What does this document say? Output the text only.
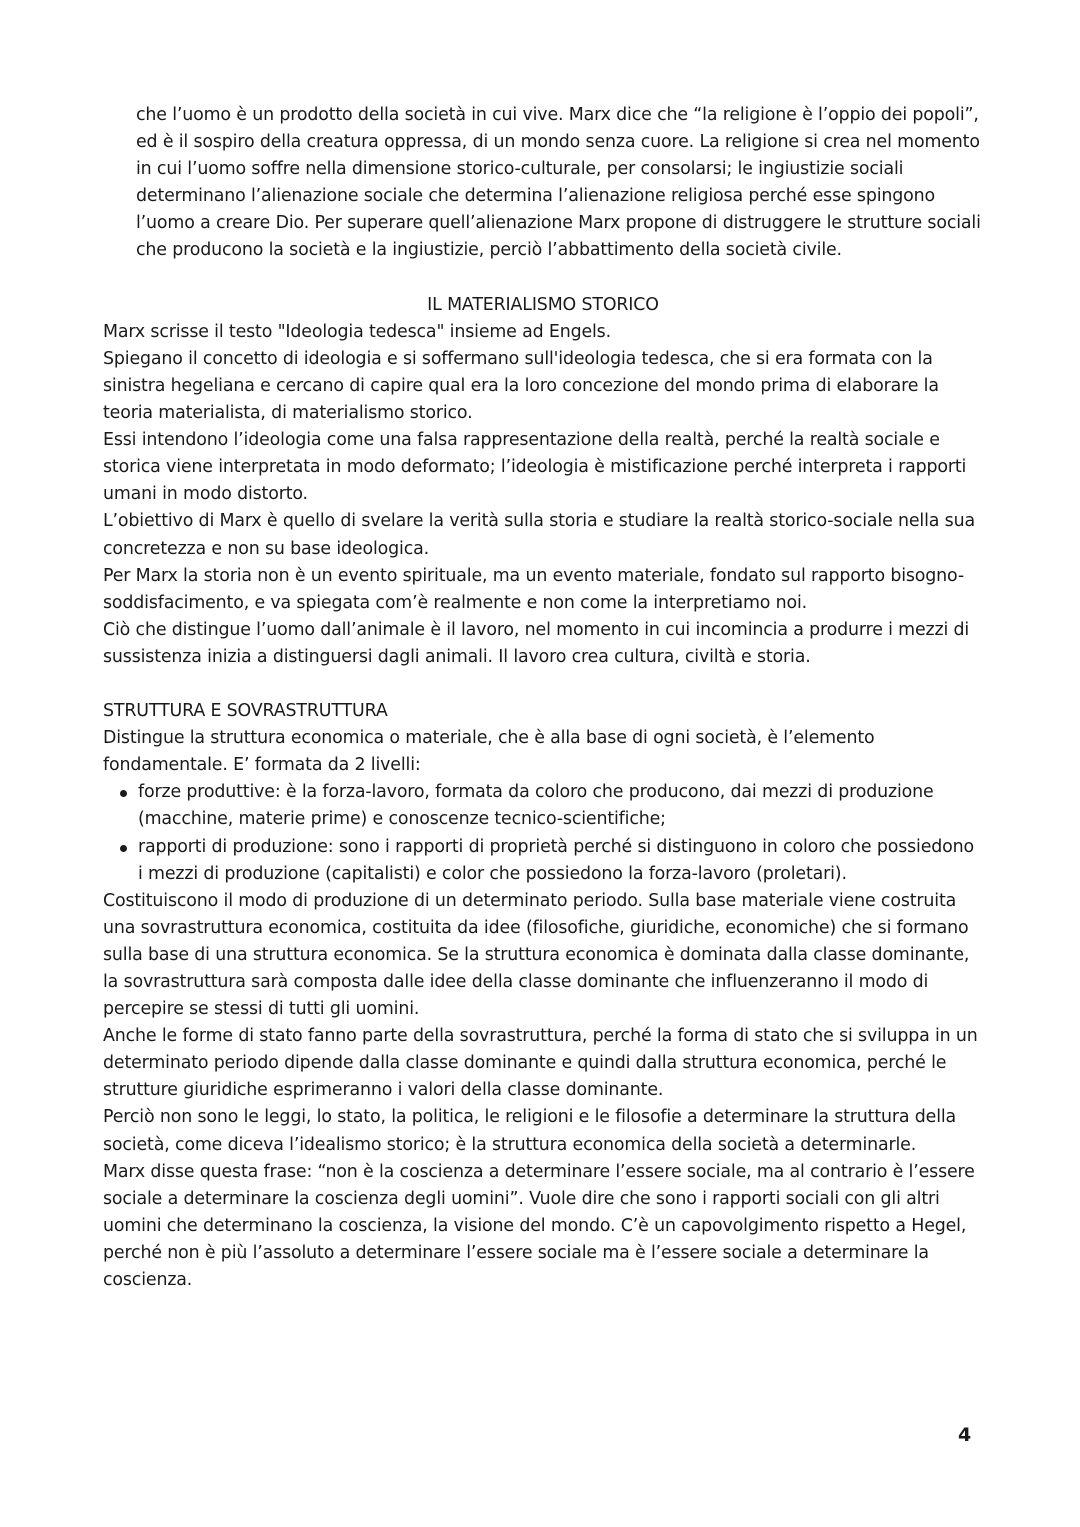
che l’uomo è un prodotto della società in cui vive. Marx dice che “la religione è l’oppio dei popoli”, ed è il sospiro della creatura oppressa, di un mondo senza cuore. La religione si crea nel momento in cui l’uomo soffre nella dimensione storico-culturale, per consolarsi; le ingiustizie sociali determinano l’alienazione sociale che determina l’alienazione religiosa perché esse spingono l’uomo a creare Dio. Per superare quell’alienazione Marx propone di distruggere le strutture sociali che producono la società e la ingiustizie, perciò l’abbattimento della società civile.

IL MATERIALISMO STORICO

Marx scrisse il testo "Ideologia tedesca" insieme ad Engels.

Spiegano il concetto di ideologia e si soffermano sull'ideologia tedesca, che si era formata con la sinistra hegeliana e cercano di capire qual era la loro concezione del mondo prima di elaborare la teoria materialista, di materialismo storico.

Essi intendono l’ideologia come una falsa rappresentazione della realtà, perché la realtà sociale e storica viene interpretata in modo deformato; l’ideologia è mistificazione perché interpreta i rapporti umani in modo distorto.

L’obiettivo di Marx è quello di svelare la verità sulla storia e studiare la realtà storico-sociale nella sua concretezza e non su base ideologica.

Per Marx la storia non è un evento spirituale, ma un evento materiale, fondato sul rapporto bisogno-soddisfacimento, e va spiegata com’è realmente e non come la interpretiamo noi.

Ciò che distingue l’uomo dall’animale è il lavoro, nel momento in cui incomincia a produrre i mezzi di sussistenza inizia a distinguersi dagli animali. Il lavoro crea cultura, civiltà e storia.

STRUTTURA E SOVRASTRUTTURA

Distingue la struttura economica o materiale, che è alla base di ogni società, è l’elemento fondamentale. E’ formata da 2 livelli:

forze produttive: è la forza-lavoro, formata da coloro che producono, dai mezzi di produzione (macchine, materie prime) e conoscenze tecnico-scientifiche;
rapporti di produzione: sono i rapporti di proprietà perché si distinguono in coloro che possiedono i mezzi di produzione (capitalisti) e color che possiedono la forza-lavoro (proletari).

Costituiscono il modo di produzione di un determinato periodo. Sulla base materiale viene costruita una sovrastruttura economica, costituita da idee (filosofiche, giuridiche, economiche) che si formano sulla base di una struttura economica. Se la struttura economica è dominata dalla classe dominante, la sovrastruttura sarà composta dalle idee della classe dominante che influenzeranno il modo di percepire se stessi di tutti gli uomini.

Anche le forme di stato fanno parte della sovrastruttura, perché la forma di stato che si sviluppa in un determinato periodo dipende dalla classe dominante e quindi dalla struttura economica, perché le strutture giuridiche esprimeranno i valori della classe dominante.

Perciò non sono le leggi, lo stato, la politica, le religioni e le filosofie a determinare la struttura della società, come diceva l’idealismo storico; è la struttura economica della società a determinarle.

Marx disse questa frase: “non è la coscienza a determinare l’essere sociale, ma al contrario è l’essere sociale a determinare la coscienza degli uomini”. Vuole dire che sono i rapporti sociali con gli altri uomini che determinano la coscienza, la visione del mondo. C’è un capovolgimento rispetto a Hegel, perché non è più l’assoluto a determinare l’essere sociale ma è l’essere sociale a determinare la coscienza.

4
